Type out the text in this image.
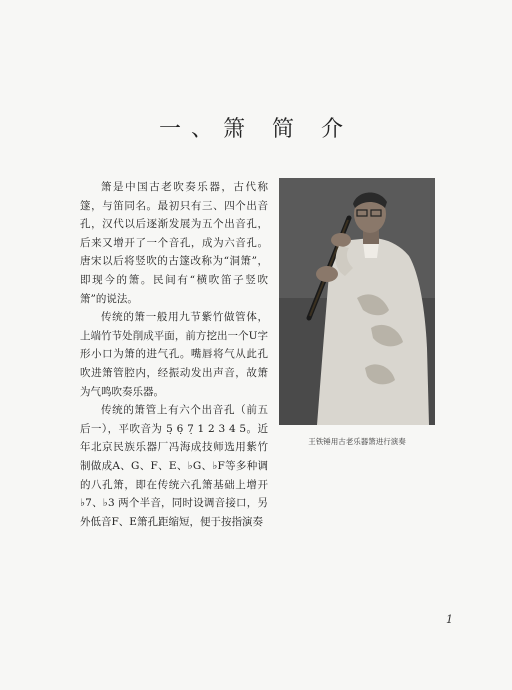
一、箫 简 介

箫是中国古老吹奏乐器，古代称篴，与笛同名。最初只有三、四个出音孔，汉代以后逐渐发展为五个出音孔，后来又增开了一个音孔，成为六音孔。唐宋以后将竖吹的古篴改称为“洞箫”，即现今的箫。民间有“横吹笛子竖吹箫”的说法。

传统的箫一般用九节紫竹做管体，上端竹节处削成平面，前方挖出一个U字形小口为箫的进气孔。嘴唇将气从此孔吹进箫管腔内，经振动发出声音，故箫为气鸣吹奏乐器。

传统的箫管上有六个出音孔（前五后一），平吹音为 5̣ 6̣ 7̣ 1 2 3 4 5。近年北京民族乐器厂冯海成技师选用紫竹制做成A、G、F、E、♭G、♭F等多种调的八孔箫，即在传统六孔箫基础上增开 ♭7、♭3 两个半音，同时设调音接口，另外低音F、E箫孔距缩短，便于按指演奏

王铁锤用古老乐器箫进行演奏
1
